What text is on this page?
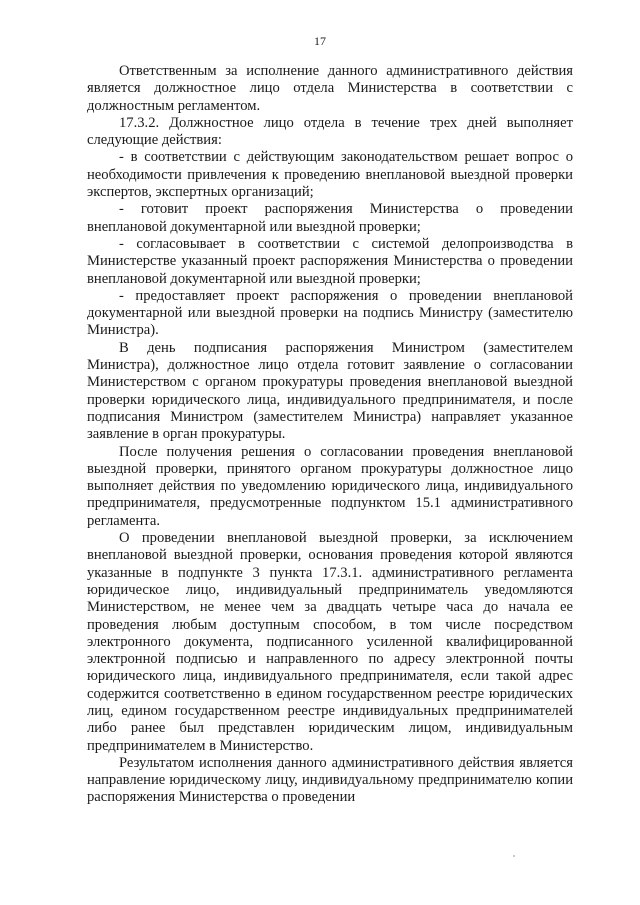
17

Ответственным за исполнение данного административного действия является должностное лицо отдела Министерства в соответствии с должностным регламентом.

17.3.2. Должностное лицо отдела в течение трех дней выполняет следующие действия:

- в соответствии с действующим законодательством решает вопрос о необходимости привлечения к проведению внеплановой выездной проверки экспертов, экспертных организаций;

- готовит проект распоряжения Министерства о проведении внеплановой документарной или выездной проверки;

- согласовывает в соответствии с системой делопроизводства в Министерстве указанный проект распоряжения Министерства о проведении внеплановой документарной или выездной проверки;

- предоставляет проект распоряжения о проведении внеплановой документарной или выездной проверки на подпись Министру (заместителю Министра).

В день подписания распоряжения Министром (заместителем Министра), должностное лицо отдела готовит заявление о согласовании Министерством с органом прокуратуры проведения внеплановой выездной проверки юридического лица, индивидуального предпринимателя, и после подписания Министром (заместителем Министра) направляет указанное заявление в орган прокуратуры.

После получения решения о согласовании проведения внеплановой выездной проверки, принятого органом прокуратуры должностное лицо выполняет действия по уведомлению юридического лица, индивидуального предпринимателя, предусмотренные подпунктом 15.1 административного регламента.

О проведении внеплановой выездной проверки, за исключением внеплановой выездной проверки, основания проведения которой являются указанные в подпункте 3 пункта 17.3.1. административного регламента юридическое лицо, индивидуальный предприниматель уведомляются Министерством, не менее чем за двадцать четыре часа до начала ее проведения любым доступным способом, в том числе посредством электронного документа, подписанного усиленной квалифицированной электронной подписью и направленного по адресу электронной почты юридического лица, индивидуального предпринимателя, если такой адрес содержится соответственно в едином государственном реестре юридических лиц, едином государственном реестре индивидуальных предпринимателей либо ранее был представлен юридическим лицом, индивидуальным предпринимателем в Министерство.

Результатом исполнения данного административного действия является направление юридическому лицу, индивидуальному предпринимателю копии распоряжения Министерства о проведении
